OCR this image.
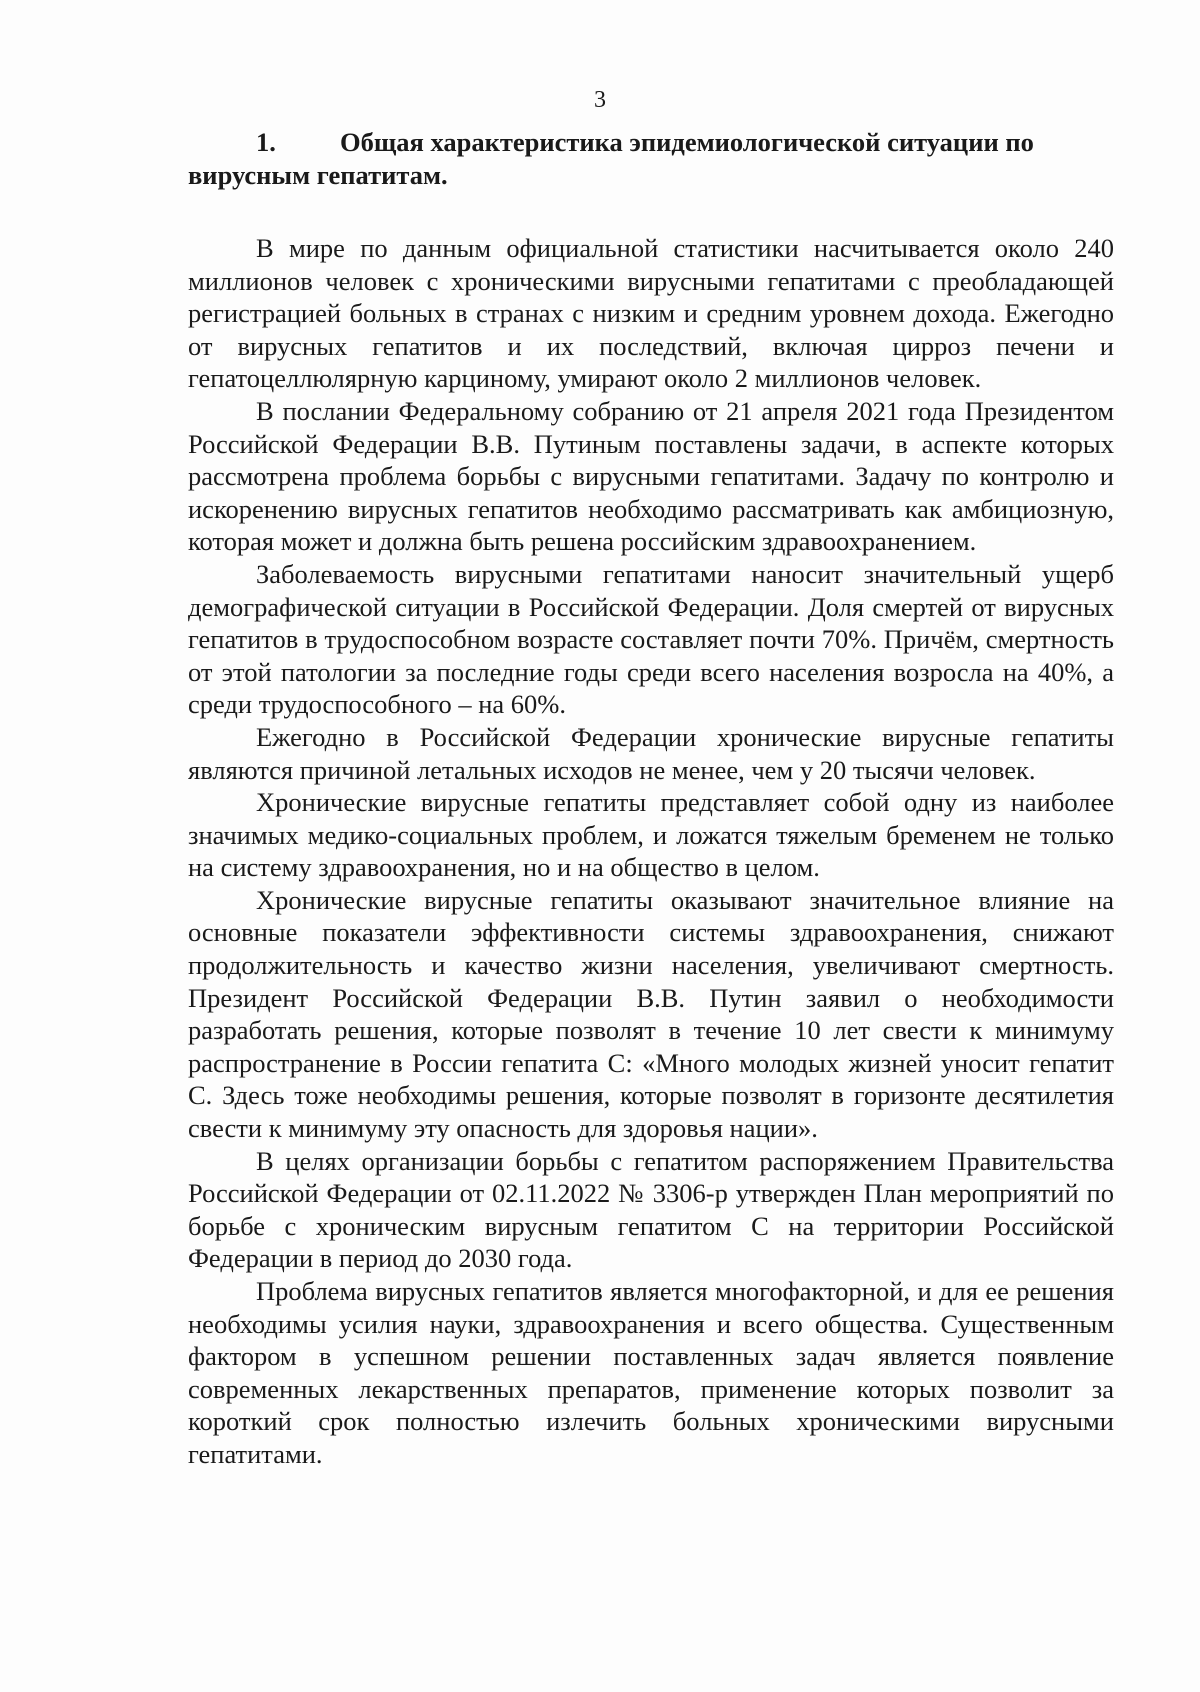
3

1. Общая характеристика эпидемиологической ситуации по вирусным гепатитам.

В мире по данным официальной статистики насчитывается около 240 миллионов человек с хроническими вирусными гепатитами с преобладающей регистрацией больных в странах с низким и средним уровнем дохода. Ежегодно от вирусных гепатитов и их последствий, включая цирроз печени и гепатоцеллюлярную карциному, умирают около 2 миллионов человек.

В послании Федеральному собранию от 21 апреля 2021 года Президентом Российской Федерации В.В. Путиным поставлены задачи, в аспекте которых рассмотрена проблема борьбы с вирусными гепатитами. Задачу по контролю и искоренению вирусных гепатитов необходимо рассматривать как амбициозную, которая может и должна быть решена российским здравоохранением.

Заболеваемость вирусными гепатитами наносит значительный ущерб демографической ситуации в Российской Федерации. Доля смертей от вирусных гепатитов в трудоспособном возрасте составляет почти 70%. Причём, смертность от этой патологии за последние годы среди всего населения возросла на 40%, а среди трудоспособного – на 60%.

Ежегодно в Российской Федерации хронические вирусные гепатиты являются причиной летальных исходов не менее, чем у 20 тысячи человек.

Хронические вирусные гепатиты представляет собой одну из наиболее значимых медико-социальных проблем, и ложатся тяжелым бременем не только на систему здравоохранения, но и на общество в целом.

Хронические вирусные гепатиты оказывают значительное влияние на основные показатели эффективности системы здравоохранения, снижают продолжительность и качество жизни населения, увеличивают смертность. Президент Российской Федерации В.В. Путин заявил о необходимости разработать решения, которые позволят в течение 10 лет свести к минимуму распространение в России гепатита С: «Много молодых жизней уносит гепатит С. Здесь тоже необходимы решения, которые позволят в горизонте десятилетия свести к минимуму эту опасность для здоровья нации».

В целях организации борьбы с гепатитом распоряжением Правительства Российской Федерации от 02.11.2022 № 3306-р утвержден План мероприятий по борьбе с хроническим вирусным гепатитом С на территории Российской Федерации в период до 2030 года.

Проблема вирусных гепатитов является многофакторной, и для ее решения необходимы усилия науки, здравоохранения и всего общества. Существенным фактором в успешном решении поставленных задач является появление современных лекарственных препаратов, применение которых позволит за короткий срок полностью излечить больных хроническими вирусными гепатитами.
